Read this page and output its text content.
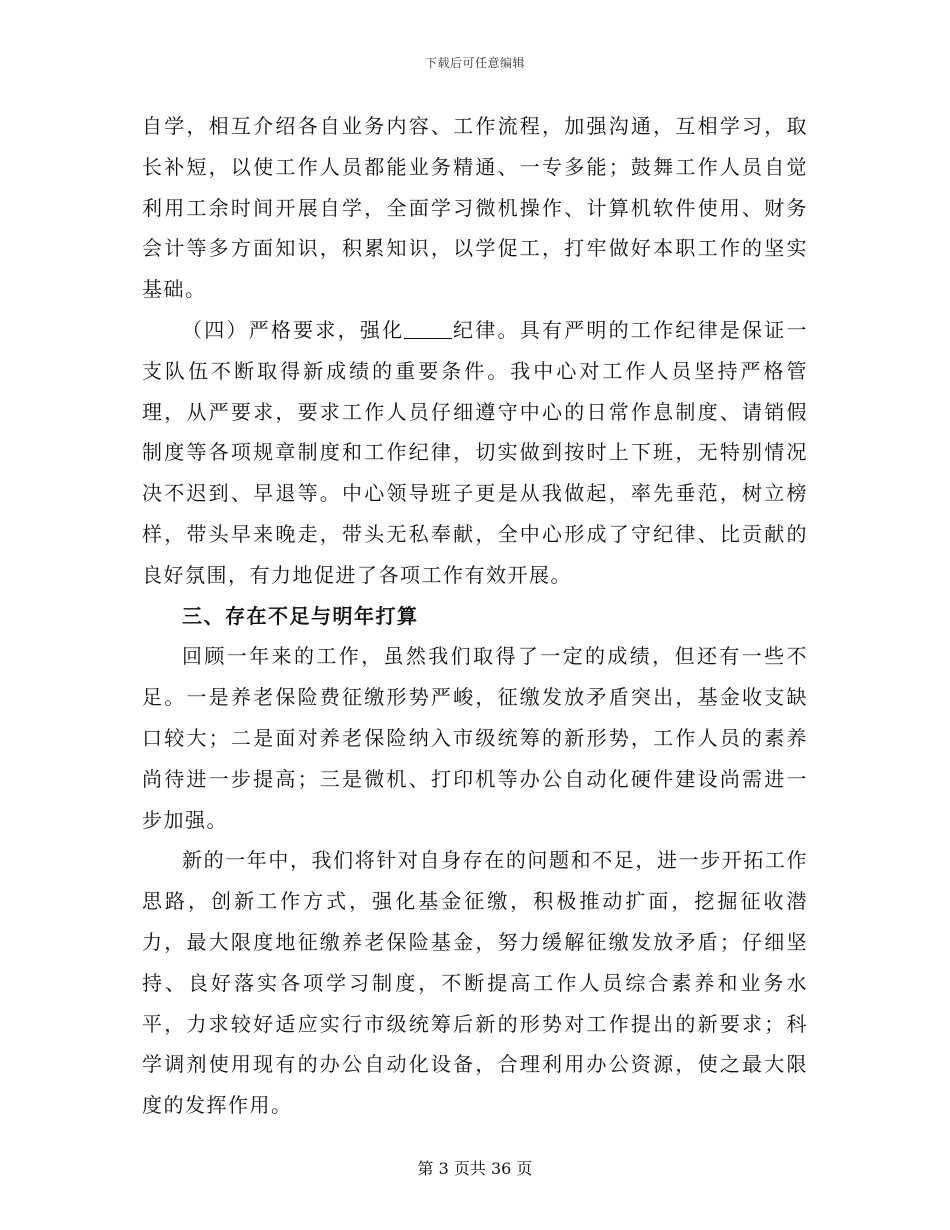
下载后可任意编辑

自学，相互介绍各自业务内容、工作流程，加强沟通，互相学习，取长补短，以使工作人员都能业务精通、一专多能；鼓舞工作人员自觉利用工余时间开展自学，全面学习微机操作、计算机软件使用、财务会计等多方面知识，积累知识，以学促工，打牢做好本职工作的坚实基础。

（四）严格要求，强化 纪律。具有严明的工作纪律是保证一支队伍不断取得新成绩的重要条件。我中心对工作人员坚持严格管理，从严要求，要求工作人员仔细遵守中心的日常作息制度、请销假制度等各项规章制度和工作纪律，切实做到按时上下班，无特别情况决不迟到、早退等。中心领导班子更是从我做起，率先垂范，树立榜样，带头早来晚走，带头无私奉献，全中心形成了守纪律、比贡献的良好氛围，有力地促进了各项工作有效开展。

三、存在不足与明年打算

回顾一年来的工作，虽然我们取得了一定的成绩，但还有一些不足。一是养老保险费征缴形势严峻，征缴发放矛盾突出，基金收支缺口较大；二是面对养老保险纳入市级统筹的新形势，工作人员的素养尚待进一步提高；三是微机、打印机等办公自动化硬件建设尚需进一步加强。

新的一年中，我们将针对自身存在的问题和不足，进一步开拓工作思路，创新工作方式，强化基金征缴，积极推动扩面，挖掘征收潜力，最大限度地征缴养老保险基金，努力缓解征缴发放矛盾；仔细坚持、良好落实各项学习制度，不断提高工作人员综合素养和业务水平，力求较好适应实行市级统筹后新的形势对工作提出的新要求；科学调剂使用现有的办公自动化设备，合理利用办公资源，使之最大限度的发挥作用。

第 3 页共 36 页
